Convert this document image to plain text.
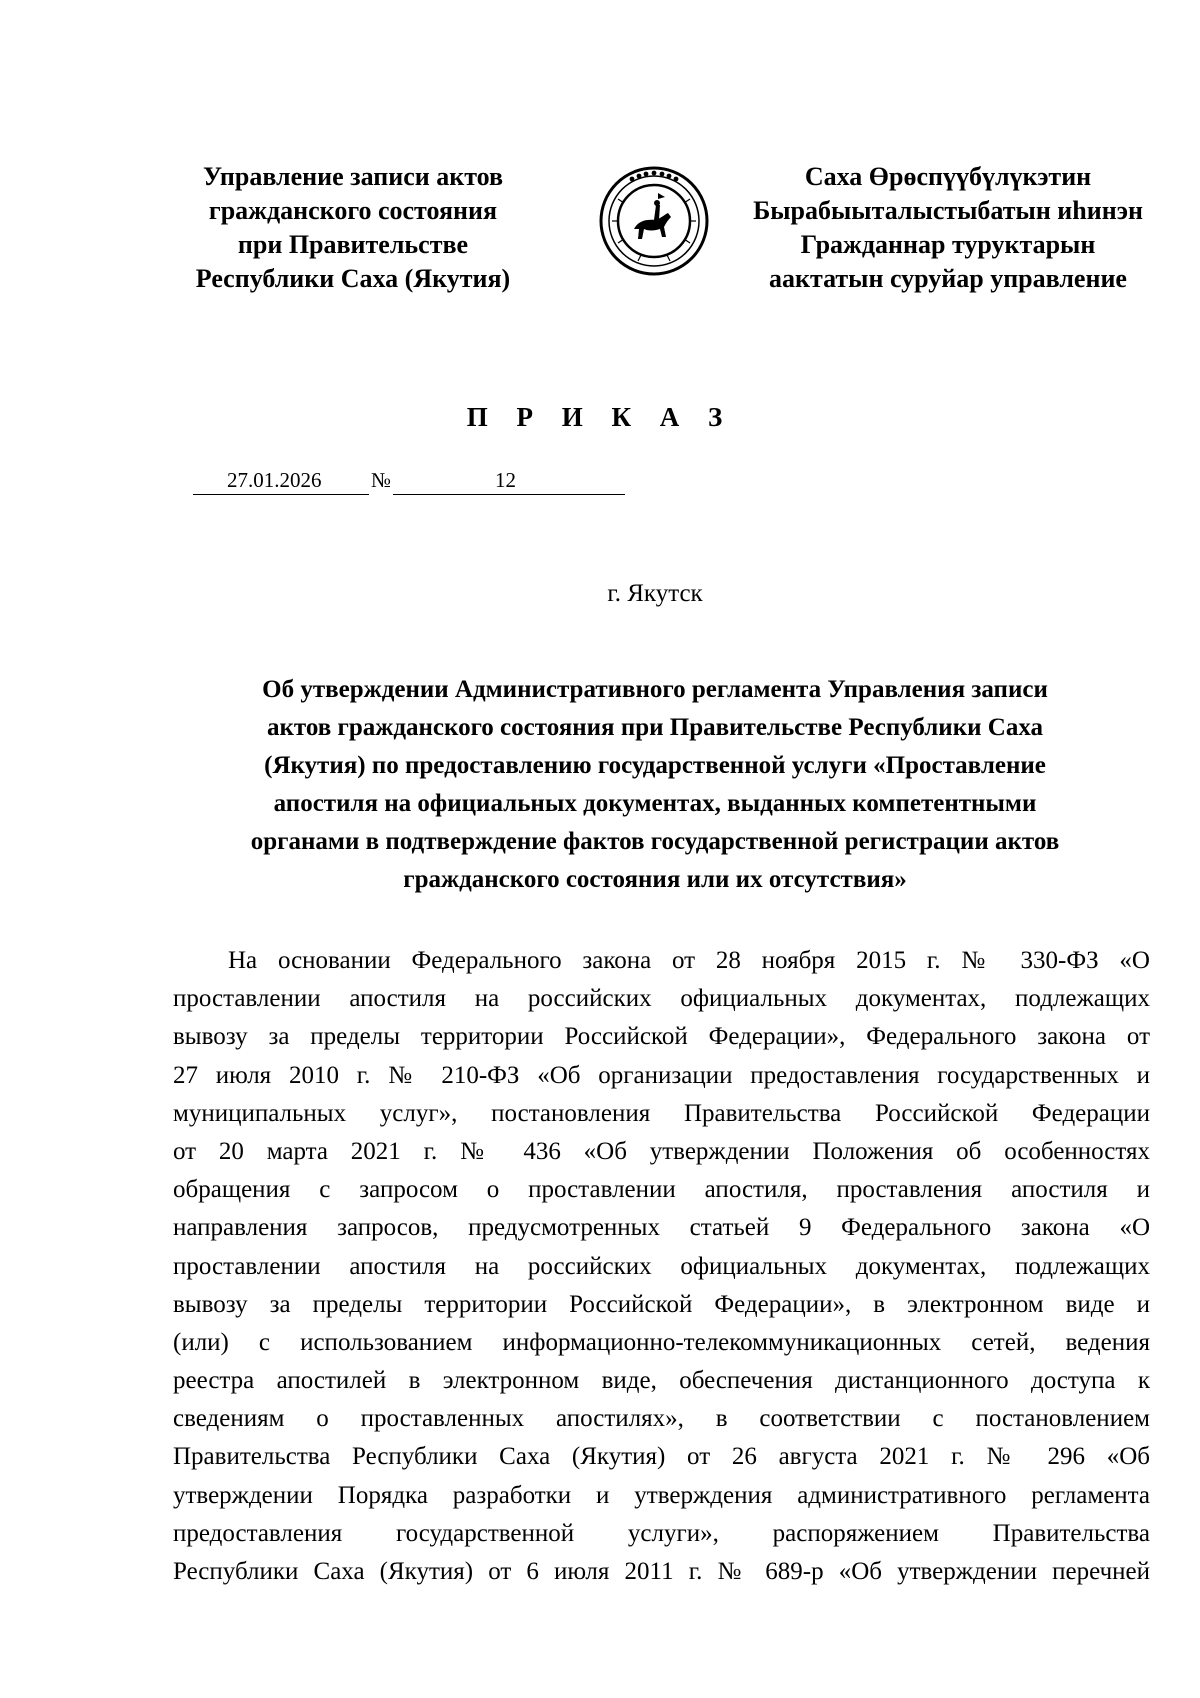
Управление записи актов
гражданского состояния
при Правительстве
Республики Саха (Якутия)
Саха Өрөспүүбүлүкэтин
Бырабыыталыстыбатын иһинэн
Гражданнар туруктарын
аактатын суруйар управление
П Р И К А З
27.01.2026 №	12
г. Якутск
Об утверждении Административного регламента Управления записи
актов гражданского состояния при Правительстве Республики Саха
(Якутия) по предоставлению государственной услуги «Проставление
апостиля на официальных документах, выданных компетентными
органами в подтверждение фактов государственной регистрации актов
гражданского состояния или их отсутствия»
На основании Федерального закона от 28 ноября 2015 г. № 330-ФЗ «О
проставлении апостиля на российских официальных документах, подлежащих
вывозу за пределы территории Российской Федерации», Федерального закона от
27 июля 2010 г. № 210-ФЗ «Об организации предоставления государственных и
муниципальных услуг», постановления Правительства Российской Федерации
от 20 марта 2021 г. № 436 «Об утверждении Положения об особенностях
обращения с запросом о проставлении апостиля, проставления апостиля и
направления запросов, предусмотренных статьей 9 Федерального закона «О
проставлении апостиля на российских официальных документах, подлежащих
вывозу за пределы территории Российской Федерации», в электронном виде и
(или) с использованием информационно-телекоммуникационных сетей, ведения
реестра апостилей в электронном виде, обеспечения дистанционного доступа к
сведениям о проставленных апостилях», в соответствии с постановлением
Правительства Республики Саха (Якутия) от 26 августа 2021 г. № 296 «Об
утверждении Порядка разработки и утверждения административного регламента
предоставления государственной услуги», распоряжением Правительства
Республики Саха (Якутия) от 6 июля 2011 г. № 689-р «Об утверждении перечней
